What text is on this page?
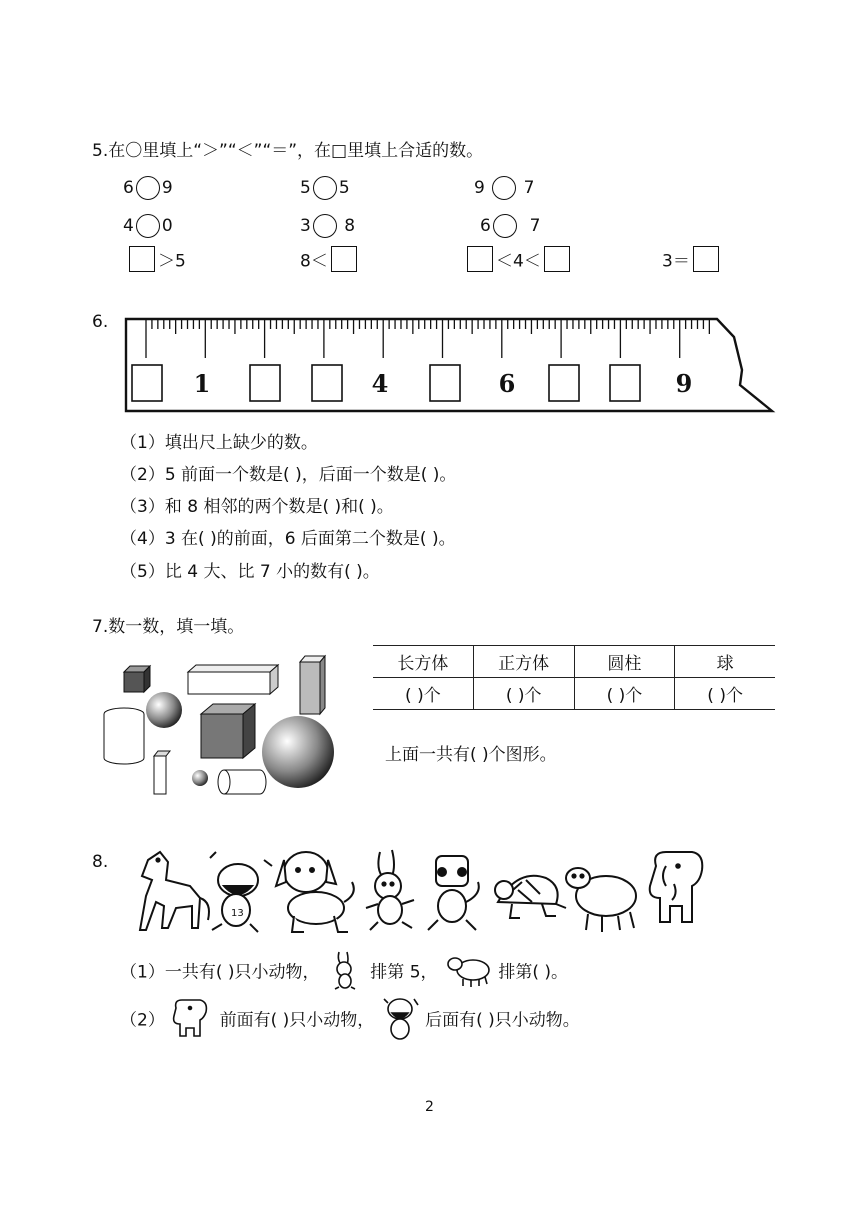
5.在〇里填上“＞”“＜”“＝”，在□里填上合适的数。
6 9	5 5	9 7
4 0	3 8	6 7
＞5	8＜	＜4＜	3＝
6.
1	4	6	9
（1）填出尺上缺少的数。
（2）5 前面一个数是( )，后面一个数是( )。
（3）和 8 相邻的两个数是( )和( )。
（4）3 在( )的前面，6 后面第二个数是( )。
（5）比 4 大、比 7 小的数有( )。
7.数一数，填一填。
长方体	正方体	圆柱	球
( )个	( )个	( )个	( )个
上面一共有( )个图形。
8.
13
（1）一共有( )只小动物，	排第 5，	排第( )。
（2）	前面有( )只小动物，	后面有( )只小动物。
2
